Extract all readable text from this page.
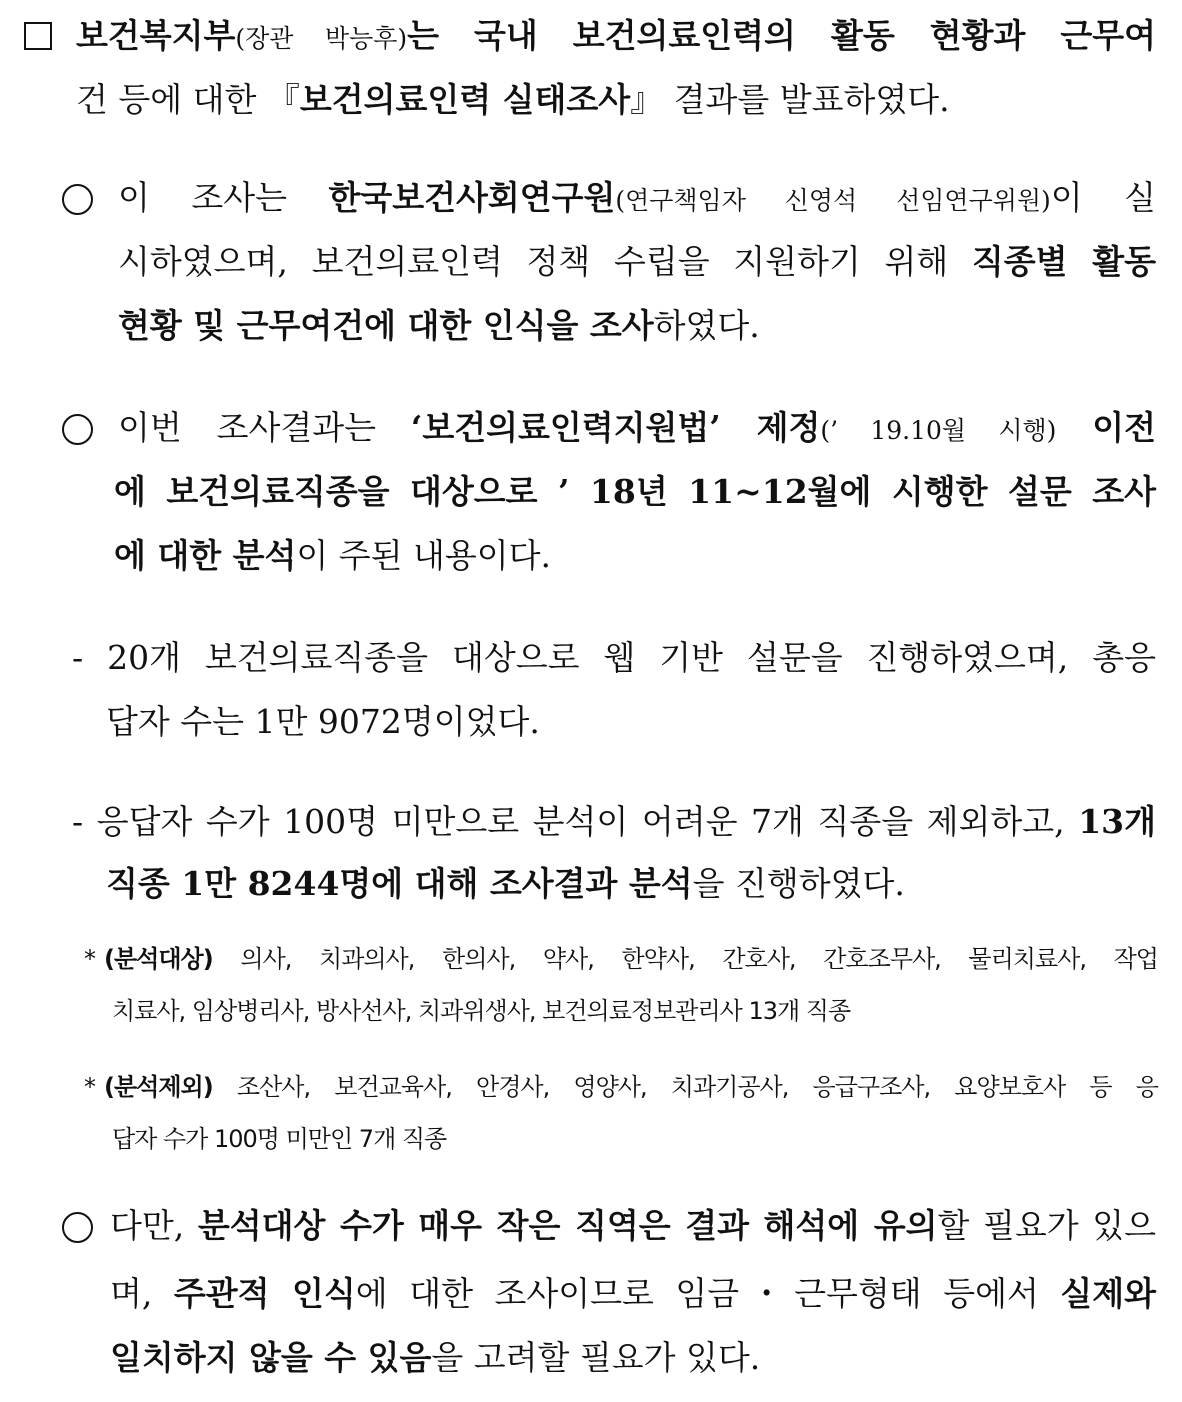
보건복지부(장관 박능후)는 국내 보건의료인력의 활동 현황과 근무여
건 등에 대한 『보건의료인력 실태조사』 결과를 발표하였다.
이 조사는 한국보건사회연구원(연구책임자 신영석 선임연구위원)이 실
시하였으며, 보건의료인력 정책 수립을 지원하기 위해 직종별 활동
현황 및 근무여건에 대한 인식을 조사하였다.
이번 조사결과는 ‘보건의료인력지원법’ 제정(’ 19.10월 시행) 이전
에 보건의료직종을 대상으로 ’ 18년 11~12월에 시행한 설문 조사
에 대한 분석이 주된 내용이다.
- 20개 보건의료직종을 대상으로 웹 기반 설문을 진행하였으며, 총응
답자 수는 1만 9072명이었다.
- 응답자 수가 100명 미만으로 분석이 어려운 7개 직종을 제외하고, 13개
직종 1만 8244명에 대해 조사결과 분석을 진행하였다.
* (분석대상) 의사, 치과의사, 한의사, 약사, 한약사, 간호사, 간호조무사, 물리치료사, 작업
치료사, 임상병리사, 방사선사, 치과위생사, 보건의료정보관리사 13개 직종
* (분석제외) 조산사, 보건교육사, 안경사, 영양사, 치과기공사, 응급구조사, 요양보호사 등 응
답자 수가 100명 미만인 7개 직종
다만, 분석대상 수가 매우 작은 직역은 결과 해석에 유의할 필요가 있으
며, 주관적 인식에 대한 조사이므로 임금・근무형태 등에서 실제와
일치하지 않을 수 있음을 고려할 필요가 있다.
